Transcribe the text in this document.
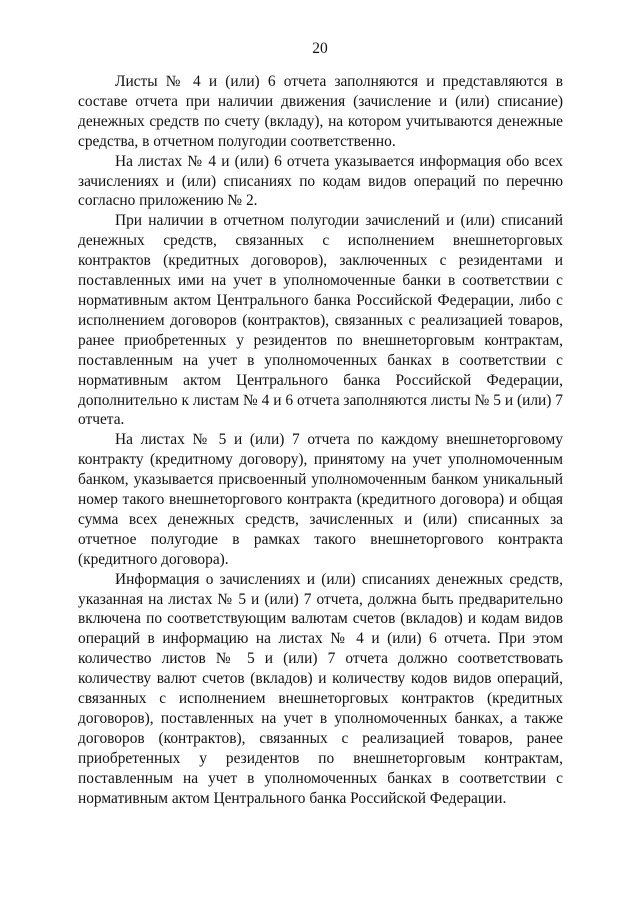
20

Листы № 4 и (или) 6 отчета заполняются и представляются в составе отчета при наличии движения (зачисление и (или) списание) денежных средств по счету (вкладу), на котором учитываются денежные средства, в отчетном полугодии соответственно.

На листах № 4 и (или) 6 отчета указывается информация обо всех зачислениях и (или) списаниях по кодам видов операций по перечню согласно приложению № 2.

При наличии в отчетном полугодии зачислений и (или) списаний денежных средств, связанных с исполнением внешнеторговых контрактов (кредитных договоров), заключенных с резидентами и поставленных ими на учет в уполномоченные банки в соответствии с нормативным актом Центрального банка Российской Федерации, либо с исполнением договоров (контрактов), связанных с реализацией товаров, ранее приобретенных у резидентов по внешнеторговым контрактам, поставленным на учет в уполномоченных банках в соответствии с нормативным актом Центрального банка Российской Федерации, дополнительно к листам № 4 и 6 отчета заполняются листы № 5 и (или) 7 отчета.

На листах № 5 и (или) 7 отчета по каждому внешнеторговому контракту (кредитному договору), принятому на учет уполномоченным банком, указывается присвоенный уполномоченным банком уникальный номер такого внешнеторгового контракта (кредитного договора) и общая сумма всех денежных средств, зачисленных и (или) списанных за отчетное полугодие в рамках такого внешнеторгового контракта (кредитного договора).

Информация о зачислениях и (или) списаниях денежных средств, указанная на листах № 5 и (или) 7 отчета, должна быть предварительно включена по соответствующим валютам счетов (вкладов) и кодам видов операций в информацию на листах № 4 и (или) 6 отчета. При этом количество листов № 5 и (или) 7 отчета должно соответствовать количеству валют счетов (вкладов) и количеству кодов видов операций, связанных с исполнением внешнеторговых контрактов (кредитных договоров), поставленных на учет в уполномоченных банках, а также договоров (контрактов), связанных с реализацией товаров, ранее приобретенных у резидентов по внешнеторговым контрактам, поставленным на учет в уполномоченных банках в соответствии с нормативным актом Центрального банка Российской Федерации.
